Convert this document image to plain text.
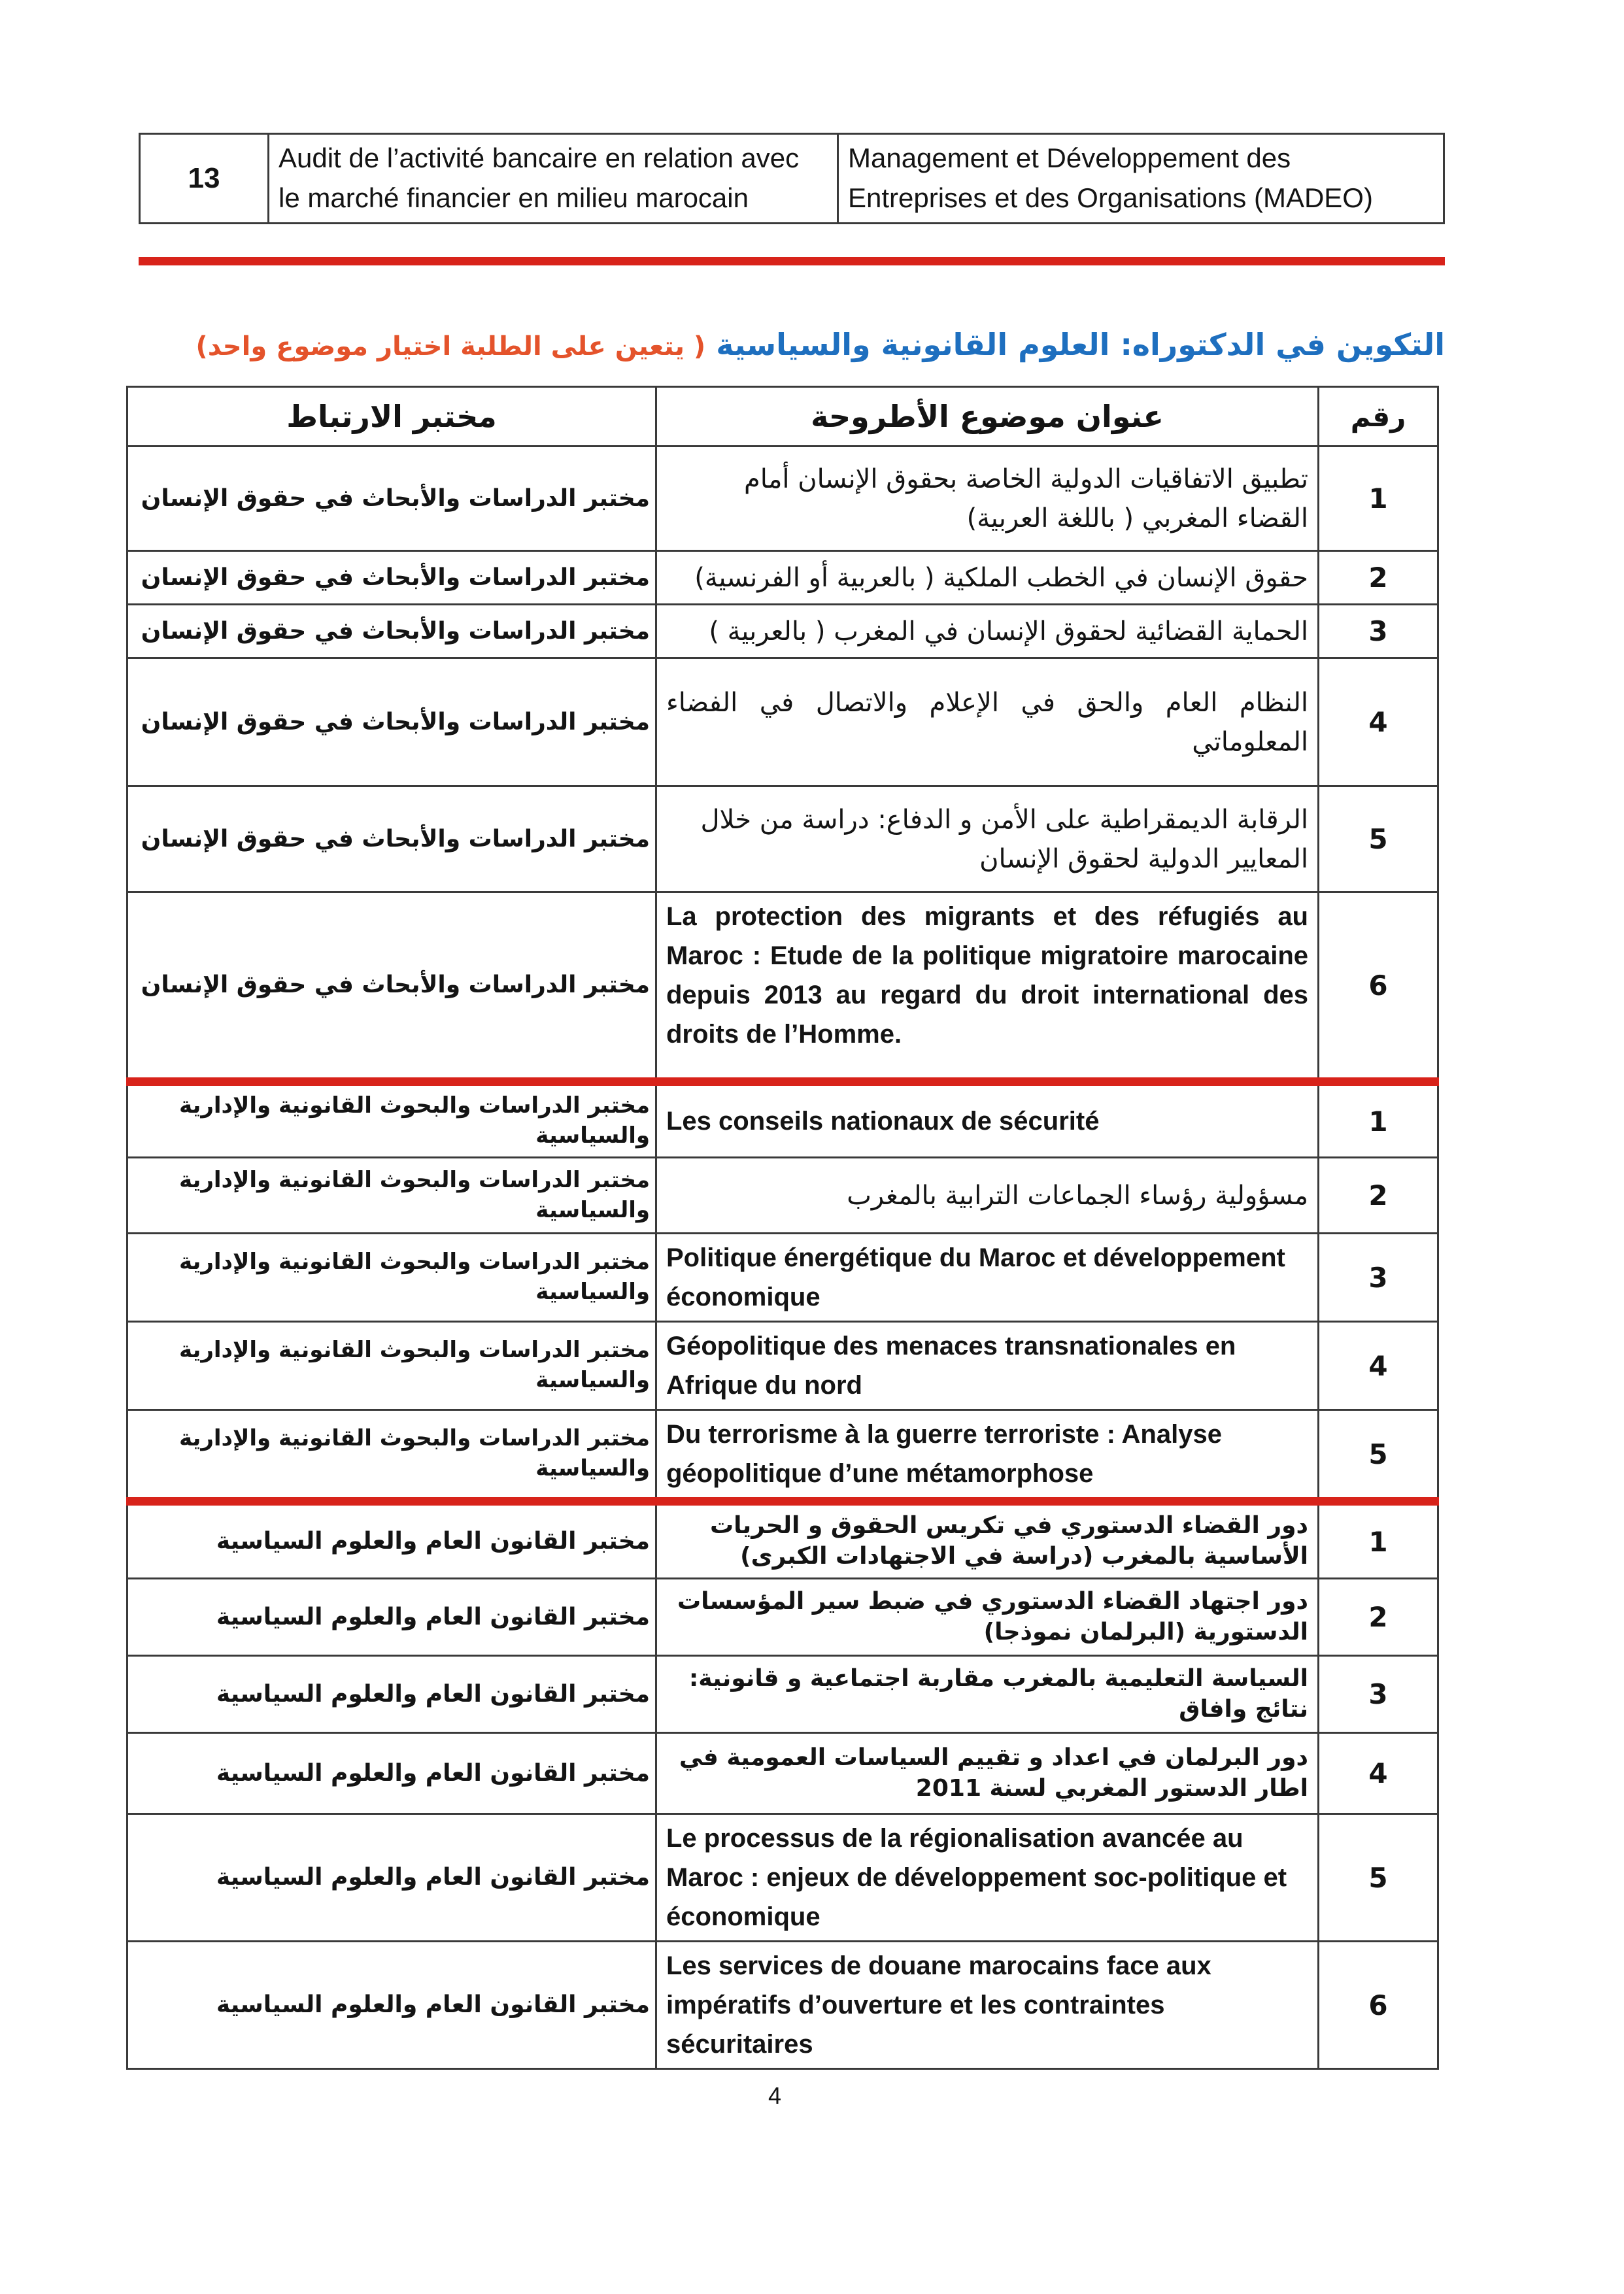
13	Audit de l’activité bancaire en relation avec le marché financier en milieu marocain	Management et Développement des Entreprises et des Organisations (MADEO)
التكوين في الدكتوراه: العلوم القانونية والسياسية ( يتعين على الطلبة اختيار موضوع واحد)
مختبر الارتباط	عنوان موضوع الأطروحة	رقم
مختبر الدراسات والأبحاث في حقوق الإنسان	تطبيق الاتفاقيات الدولية الخاصة بحقوق الإنسان أمام القضاء المغربي ( باللغة العربية)	1
مختبر الدراسات والأبحاث في حقوق الإنسان	حقوق الإنسان في الخطب الملكية ( بالعربية أو الفرنسية)	2
مختبر الدراسات والأبحاث في حقوق الإنسان	الحماية القضائية لحقوق الإنسان في المغرب ( بالعربية )	3
مختبر الدراسات والأبحاث في حقوق الإنسان	النظام العام والحق في الإعلام والاتصال في الفضاء المعلوماتي	4
مختبر الدراسات والأبحاث في حقوق الإنسان	الرقابة الديمقراطية على الأمن و الدفاع: دراسة من خلال المعايير الدولية لحقوق الإنسان	5
مختبر الدراسات والأبحاث في حقوق الإنسان	La protection des migrants et des réfugiés au Maroc : Etude de la politique migratoire marocaine depuis 2013 au regard du droit international des droits de l’Homme.	6
مختبر الدراسات والبحوث القانونية والإدارية والسياسية	Les conseils nationaux de sécurité	1
مختبر الدراسات والبحوث القانونية والإدارية والسياسية	مسؤولية رؤساء الجماعات الترابية بالمغرب	2
مختبر الدراسات والبحوث القانونية والإدارية والسياسية	Politique énergétique du Maroc et développement économique	3
مختبر الدراسات والبحوث القانونية والإدارية والسياسية	Géopolitique des menaces transnationales en Afrique du nord	4
مختبر الدراسات والبحوث القانونية والإدارية والسياسية	Du terrorisme à la guerre terroriste : Analyse géopolitique d’une métamorphose	5
مختبر القانون العام والعلوم السياسية	دور القضاء الدستوري في تكريس الحقوق و الحريات الأساسية بالمغرب (دراسة في الاجتهادات الكبرى)	1
مختبر القانون العام والعلوم السياسية	دور اجتهاد القضاء الدستوري في ضبط سير المؤسسات الدستورية (البرلمان نموذجا)	2
مختبر القانون العام والعلوم السياسية	السياسة التعليمية بالمغرب مقاربة اجتماعية و قانونية: نتائج وافاق	3
مختبر القانون العام والعلوم السياسية	دور البرلمان في اعداد و تقييم السياسات العمومية في اطار الدستور المغربي لسنة 2011	4
مختبر القانون العام والعلوم السياسية	Le processus de la régionalisation avancée au Maroc : enjeux de développement soc-politique et économique	5
مختبر القانون العام والعلوم السياسية	Les services de douane marocains face aux impératifs d’ouverture et les contraintes sécuritaires	6
4
